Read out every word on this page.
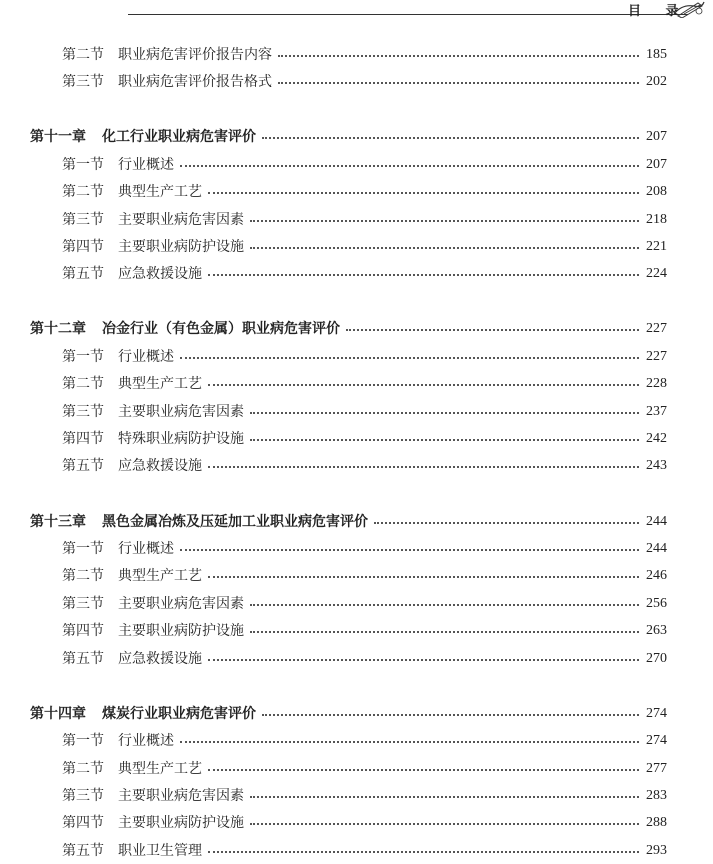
目 录
第二节 职业病危害评价报告内容	185
第三节 职业病危害评价报告格式	202
第十一章 化工行业职业病危害评价	207
第一节 行业概述	207
第二节 典型生产工艺	208
第三节 主要职业病危害因素	218
第四节 主要职业病防护设施	221
第五节 应急救援设施	224
第十二章 冶金行业（有色金属）职业病危害评价	227
第一节 行业概述	227
第二节 典型生产工艺	228
第三节 主要职业病危害因素	237
第四节 特殊职业病防护设施	242
第五节 应急救援设施	243
第十三章 黑色金属冶炼及压延加工业职业病危害评价	244
第一节 行业概述	244
第二节 典型生产工艺	246
第三节 主要职业病危害因素	256
第四节 主要职业病防护设施	263
第五节 应急救援设施	270
第十四章 煤炭行业职业病危害评价	274
第一节 行业概述	274
第二节 典型生产工艺	277
第三节 主要职业病危害因素	283
第四节 主要职业病防护设施	288
第五节 职业卫生管理	293
